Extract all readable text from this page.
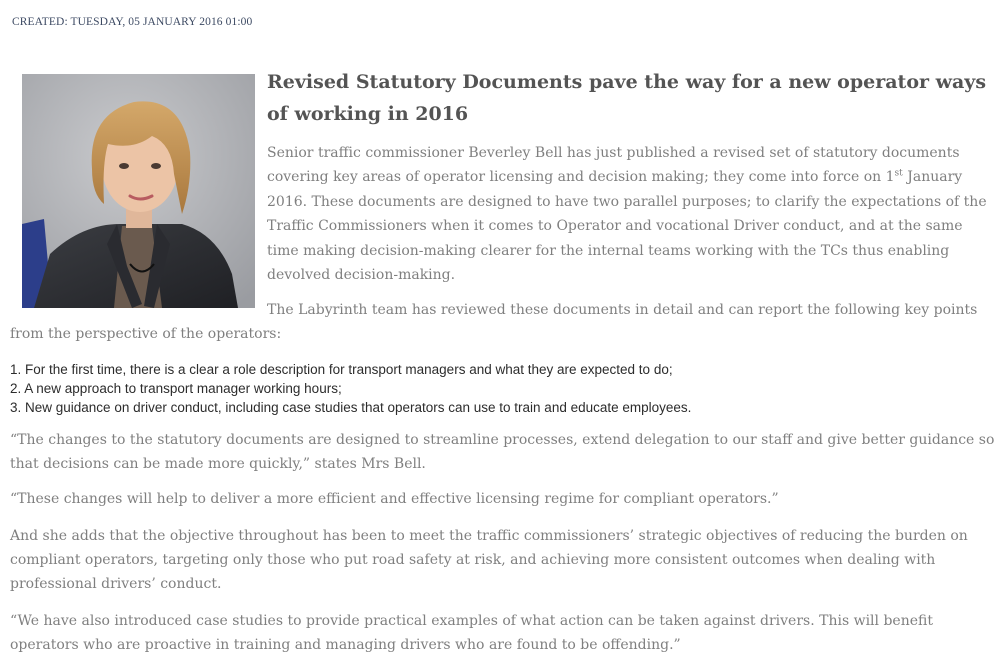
CREATED: TUESDAY, 05 JANUARY 2016 01:00
Revised Statutory Documents pave the way for a new operator ways of working in 2016

Senior traffic commissioner Beverley Bell has just published a revised set of statutory documents covering key areas of operator licensing and decision making; they come into force on 1st January 2016. These documents are designed to have two parallel purposes; to clarify the expectations of the Traffic Commissioners when it comes to Operator and vocational Driver conduct, and at the same time making decision-making clearer for the internal teams working with the TCs thus enabling devolved decision-making.

The Labyrinth team has reviewed these documents in detail and can report the following key points from the perspective of the operators:

1. For the first time, there is a clear a role description for transport managers and what they are expected to do;
2. A new approach to transport manager working hours;
3. New guidance on driver conduct, including case studies that operators can use to train and educate employees.

“The changes to the statutory documents are designed to streamline processes, extend delegation to our staff and give better guidance so that decisions can be made more quickly,” states Mrs Bell.

“These changes will help to deliver a more efficient and effective licensing regime for compliant operators.”

And she adds that the objective throughout has been to meet the traffic commissioners’ strategic objectives of reducing the burden on compliant operators, targeting only those who put road safety at risk, and achieving more consistent outcomes when dealing with professional drivers’ conduct.

“We have also introduced case studies to provide practical examples of what action can be taken against drivers. This will benefit operators who are proactive in training and managing drivers who are found to be offending.”
